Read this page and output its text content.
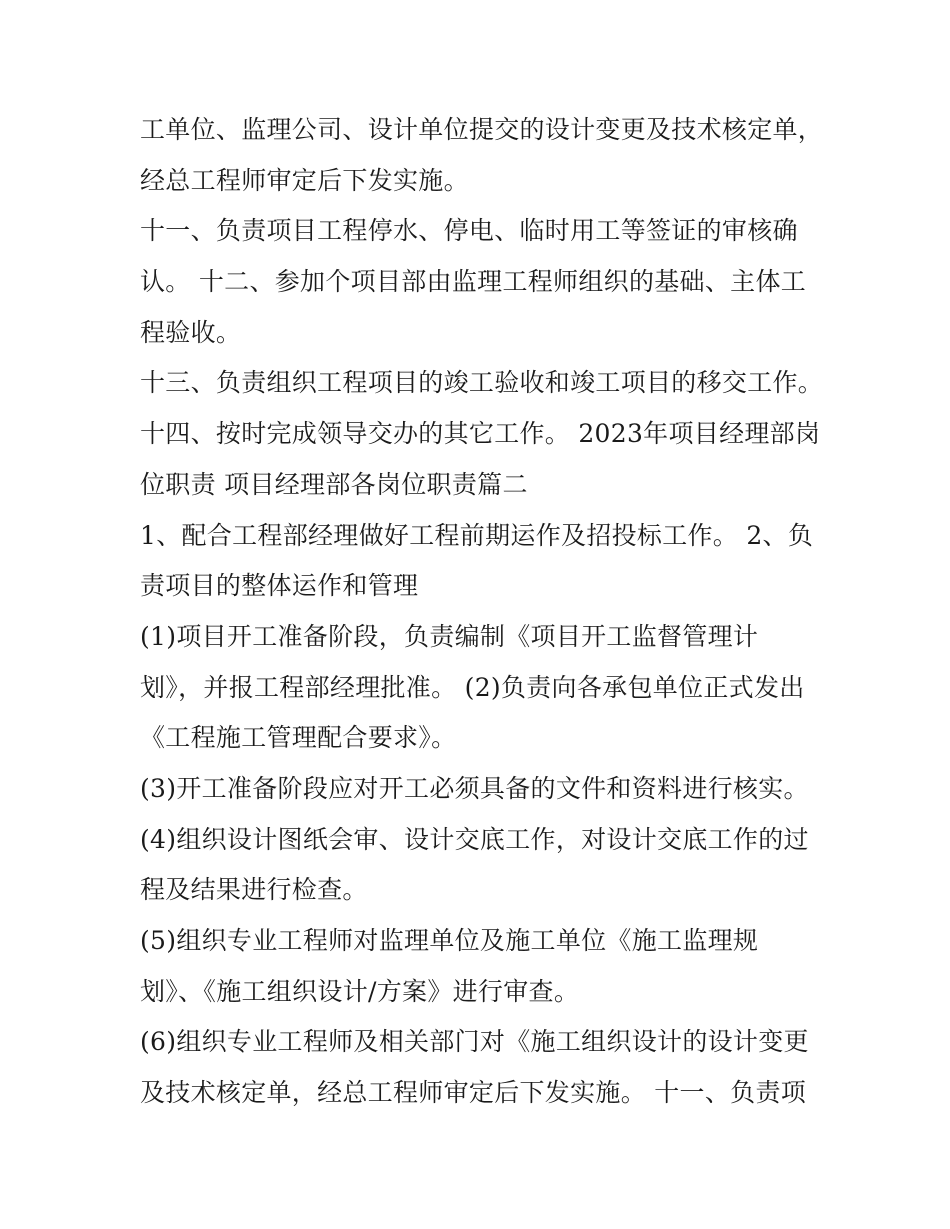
工单位、监理公司、设计单位提交的设计变更及技术核定单，
经总工程师审定后下发实施。
十一、负责项目工程停水、停电、临时用工等签证的审核确
认。 十二、参加个项目部由监理工程师组织的基础、主体工
程验收。
十三、负责组织工程项目的竣工验收和竣工项目的移交工作。
十四、按时完成领导交办的其它工作。 2023年项目经理部岗
位职责 项目经理部各岗位职责篇二
1、配合工程部经理做好工程前期运作及招投标工作。 2、负
责项目的整体运作和管理
(1)项目开工准备阶段，负责编制《项目开工监督管理计
划》，并报工程部经理批准。 (2)负责向各承包单位正式发出
《工程施工管理配合要求》。
(3)开工准备阶段应对开工必须具备的文件和资料进行核实。
(4)组织设计图纸会审、设计交底工作，对设计交底工作的过
程及结果进行检查。
(5)组织专业工程师对监理单位及施工单位《施工监理规
划》、《施工组织设计/方案》进行审查。
(6)组织专业工程师及相关部门对《施工组织设计的设计变更
及技术核定单，经总工程师审定后下发实施。 十一、负责项
